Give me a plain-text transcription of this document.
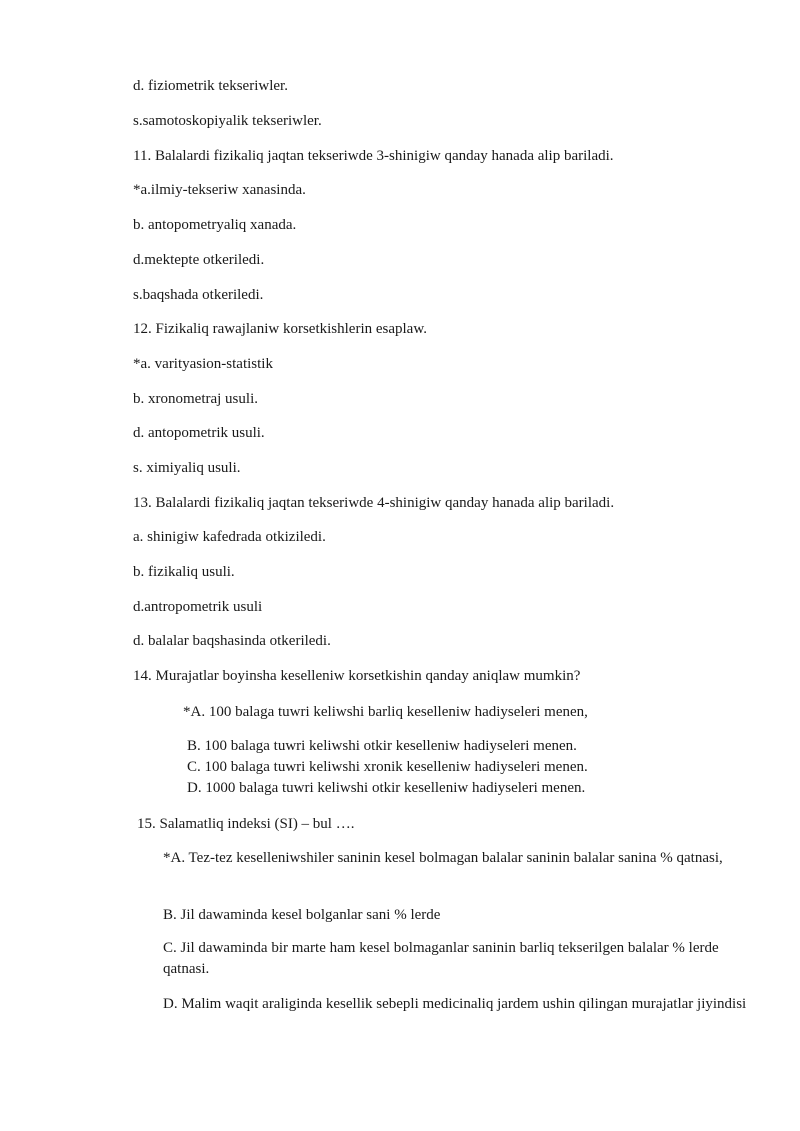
d. fiziometrik tekseriwler.
s.samotoskopiyalik tekseriwler.
11. Balalardi fizikaliq jaqtan tekseriwde 3-shinigiw qanday hanada alip bariladi.
*a.ilmiy-tekseriw xanasinda.
b. antopometryaliq xanada.
d.mektepte otkeriledi.
s.baqshada otkeriledi.
12. Fizikaliq rawajlaniw korsetkishlerin esaplaw.
*a. varityasion-statistik
b. xronometraj usuli.
d. antopometrik usuli.
s. ximiyaliq usuli.
13. Balalardi fizikaliq jaqtan tekseriwde 4-shinigiw qanday hanada alip bariladi.
a. shinigiw kafedrada otkiziledi.
b. fizikaliq usuli.
d.antropometrik usuli
d. balalar baqshasinda otkeriledi.
14. Murajatlar boyinsha keselleniw korsetkishin qanday aniqlaw mumkin?
*A. 100 balaga tuwri keliwshi barliq keselleniw hadiyseleri menen,
B. 100 balaga tuwri keliwshi otkir keselleniw hadiyseleri menen.
C. 100 balaga tuwri keliwshi xronik keselleniw hadiyseleri menen.
D. 1000 balaga tuwri keliwshi otkir keselleniw hadiyseleri menen.
15. Salamatliq indeksi (SI) – bul ….
*A. Tez-tez keselleniwshiler saninin kesel bolmagan balalar saninin balalar sanina % qatnasi,
B. Jil dawaminda kesel bolganlar sani % lerde
C. Jil dawaminda bir marte ham kesel bolmaganlar saninin barliq tekserilgen balalar % lerde qatnasi.
D. Malim waqit araliginda kesellik sebepli medicinaliq jardem ushin qilingan murajatlar jiyindisi
